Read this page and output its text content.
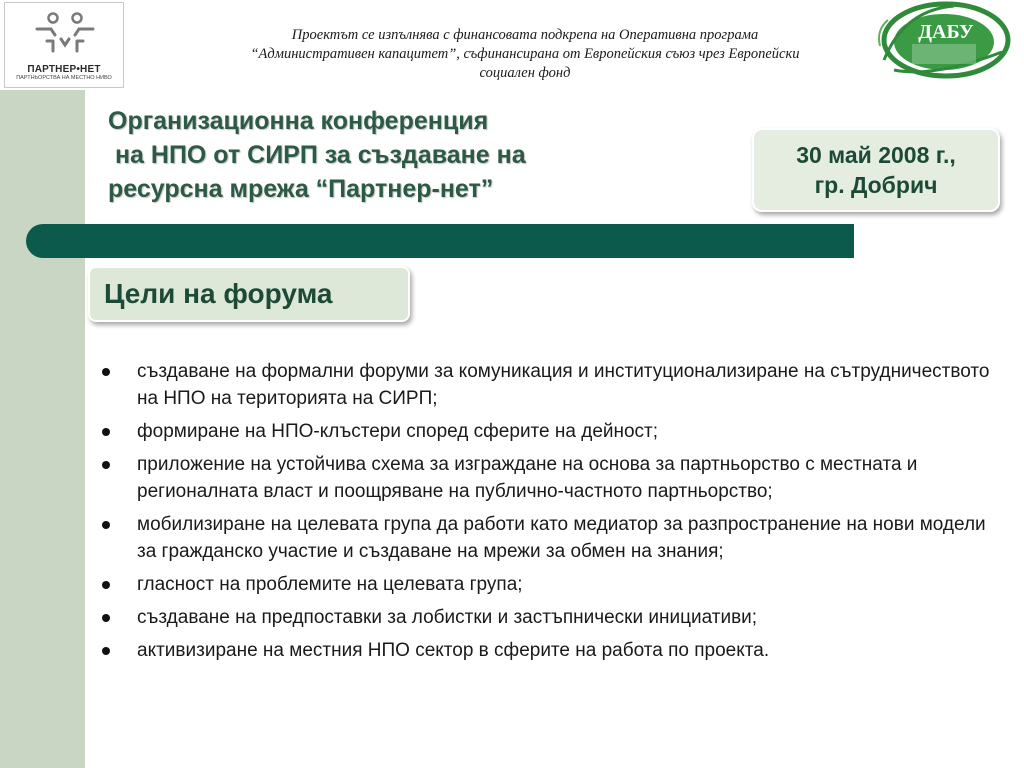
ПАРТНЕР•НЕТ
ПАРТНЬОРСТВА НА МЕСТНО НИВО
Проектът се изпълнява с финансовата подкрепа на Оперативна програма
“Административен капацитет”, съфинансирана от Европейския съюз чрез Европейски
социален фонд
ДАБУ
Организационна конференция
на НПО от СИРП за създаване на
ресурсна мрежа “Партнер-нет”
30 май 2008 г.,
гр. Добрич
Цели на форума
създаване на формални форуми за комуникация и институционализиране на сътрудничеството на НПО на територията на СИРП;
формиране на НПО-клъстери според сферите на дейност;
приложение на устойчива схема за изграждане на основа за партньорство с местната и регионалната власт и поощряване на публично-частното партньорство;
мобилизиране на целевата група да работи като медиатор за разпространение на нови модели за гражданско участие и създаване на мрежи за обмен на знания;
гласност на проблемите на целевата група;
създаване на предпоставки за лобистки и застъпнически инициативи;
активизиране на местния НПО сектор в сферите на работа по проекта.
